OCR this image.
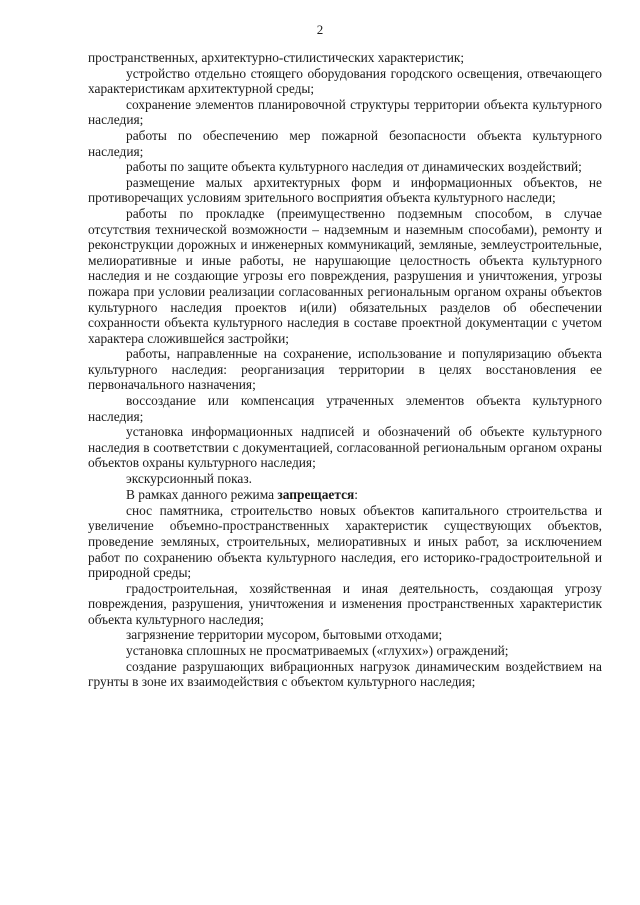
2

пространственных, архитектурно-стилистических характеристик;

устройство отдельно стоящего оборудования городского освещения, отвечающего характеристикам архитектурной среды;

сохранение элементов планировочной структуры территории объекта культурного наследия;

работы по обеспечению мер пожарной безопасности объекта культурного наследия;

работы по защите объекта культурного наследия от динамических воздействий;

размещение малых архитектурных форм и информационных объектов, не противоречащих условиям зрительного восприятия объекта культурного наследи;

работы по прокладке (преимущественно подземным способом, в случае отсутствия технической возможности – надземным и наземным способами), ремонту и реконструкции дорожных и инженерных коммуникаций, земляные, землеустроительные, мелиоративные и иные работы, не нарушающие целостность объекта культурного наследия и не создающие угрозы его повреждения, разрушения и уничтожения, угрозы пожара при условии реализации согласованных региональным органом охраны объектов культурного наследия проектов и(или) обязательных разделов об обеспечении сохранности объекта культурного наследия в составе проектной документации с учетом характера сложившейся застройки;

работы, направленные на сохранение, использование и популяризацию объекта культурного наследия: реорганизация территории в целях восстановления ее первоначального назначения;

воссоздание или компенсация утраченных элементов объекта культурного наследия;

установка информационных надписей и обозначений об объекте культурного наследия в соответствии с документацией, согласованной региональным органом охраны объектов охраны культурного наследия;

экскурсионный показ.

В рамках данного режима запрещается:

снос памятника, строительство новых объектов капитального строительства и увеличение объемно-пространственных характеристик существующих объектов, проведение земляных, строительных, мелиоративных и иных работ, за исключением работ по сохранению объекта культурного наследия, его историко-градостроительной и природной среды;

градостроительная, хозяйственная и иная деятельность, создающая угрозу повреждения, разрушения, уничтожения и изменения пространственных характеристик объекта культурного наследия;

загрязнение территории мусором, бытовыми отходами;

установка сплошных не просматриваемых («глухих») ограждений;

создание разрушающих вибрационных нагрузок динамическим воздействием на грунты в зоне их взаимодействия с объектом культурного наследия;
